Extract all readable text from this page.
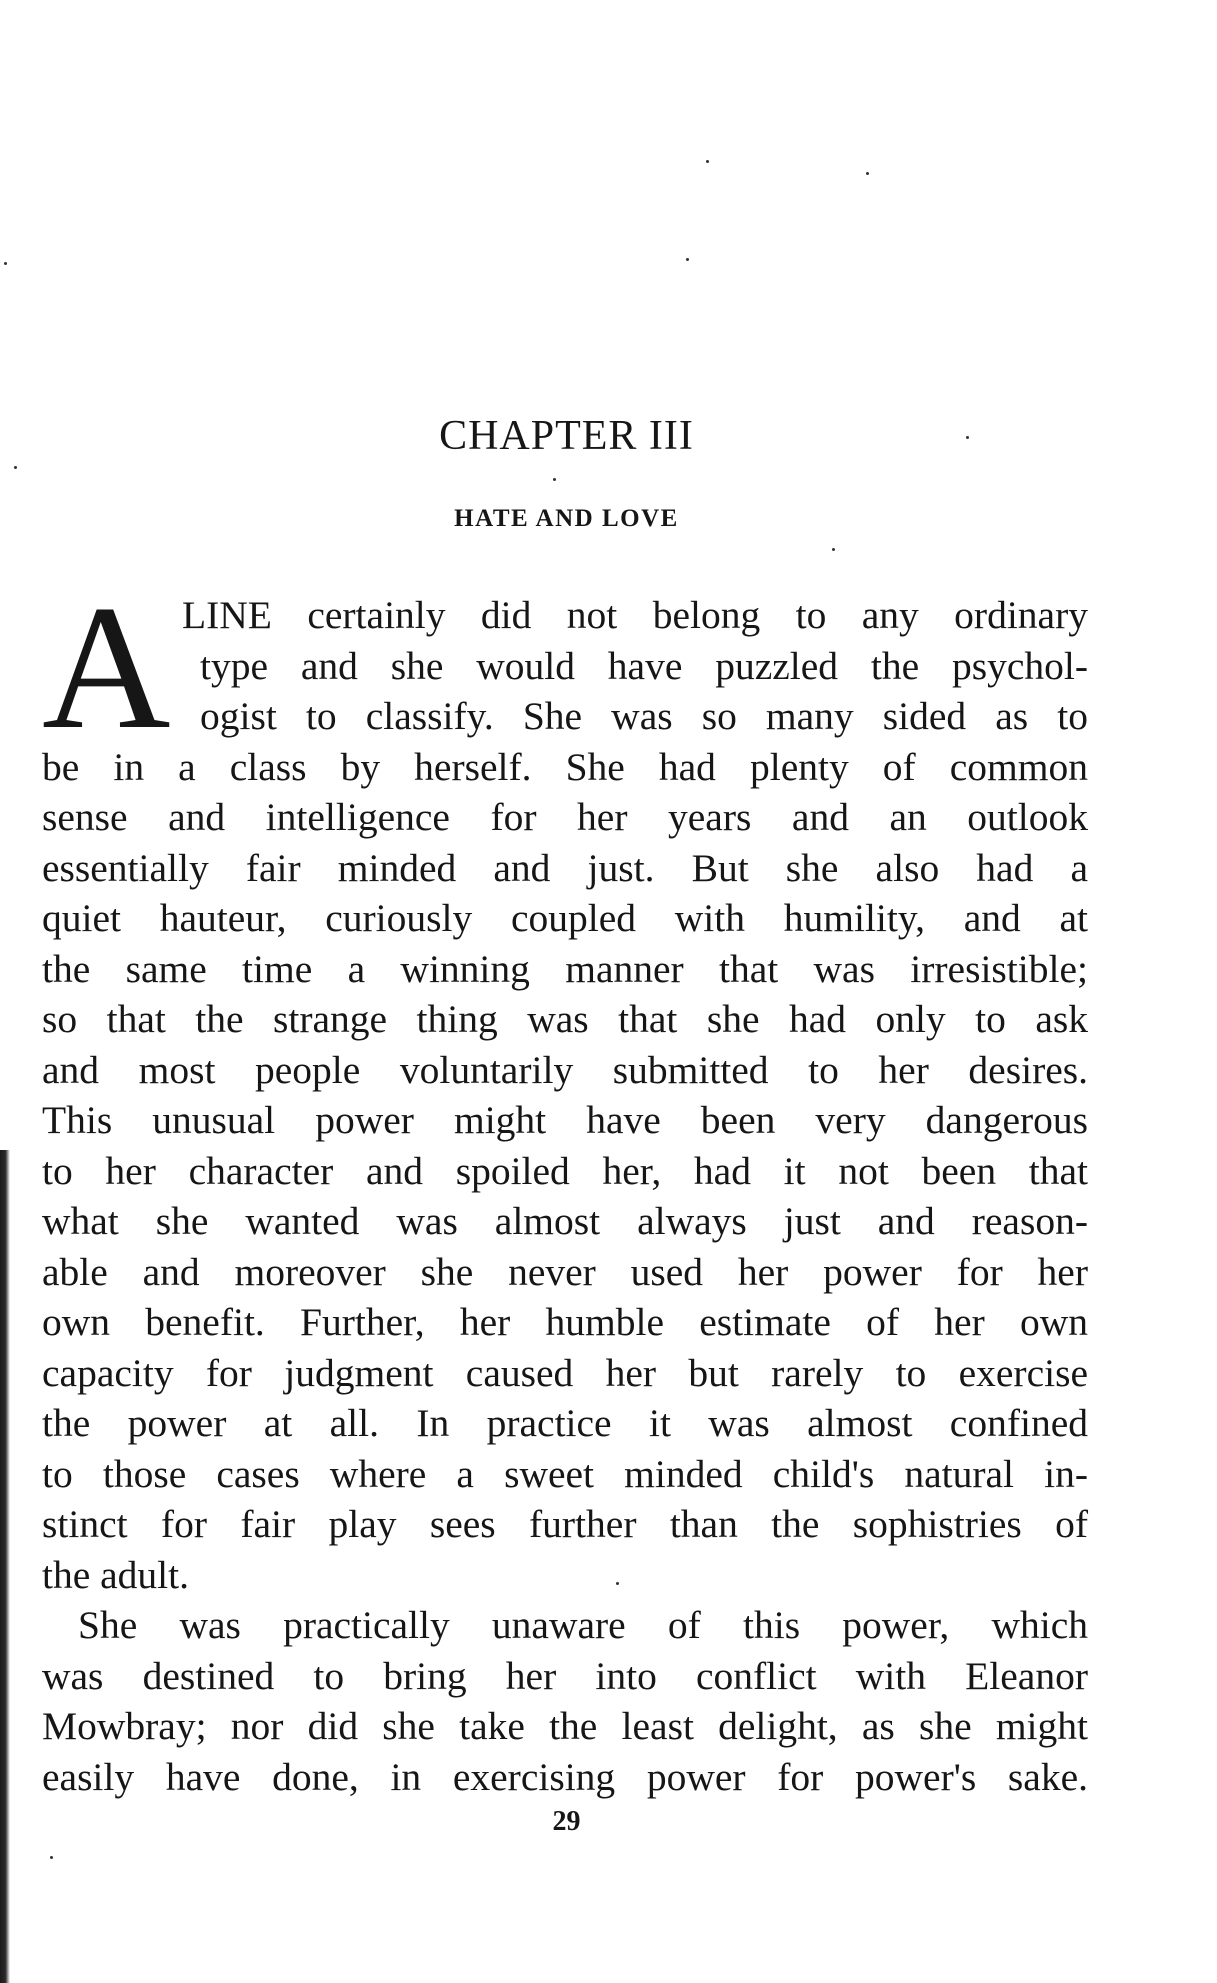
CHAPTER III
HATE AND LOVE
A LINE certainly did not belong to any ordinary
type and she would have puzzled the psychol-
ogist to classify. She was so many sided as to
be in a class by herself. She had plenty of common
sense and intelligence for her years and an outlook
essentially fair minded and just. But she also had a
quiet hauteur, curiously coupled with humility, and at
the same time a winning manner that was irresistible;
so that the strange thing was that she had only to ask
and most people voluntarily submitted to her desires.
This unusual power might have been very dangerous
to her character and spoiled her, had it not been that
what she wanted was almost always just and reason-
able and moreover she never used her power for her
own benefit. Further, her humble estimate of her own
capacity for judgment caused her but rarely to exercise
the power at all. In practice it was almost confined
to those cases where a sweet minded child's natural in-
stinct for fair play sees further than the sophistries of
the adult.
She was practically unaware of this power, which
was destined to bring her into conflict with Eleanor
Mowbray; nor did she take the least delight, as she might
easily have done, in exercising power for power's sake.
29
